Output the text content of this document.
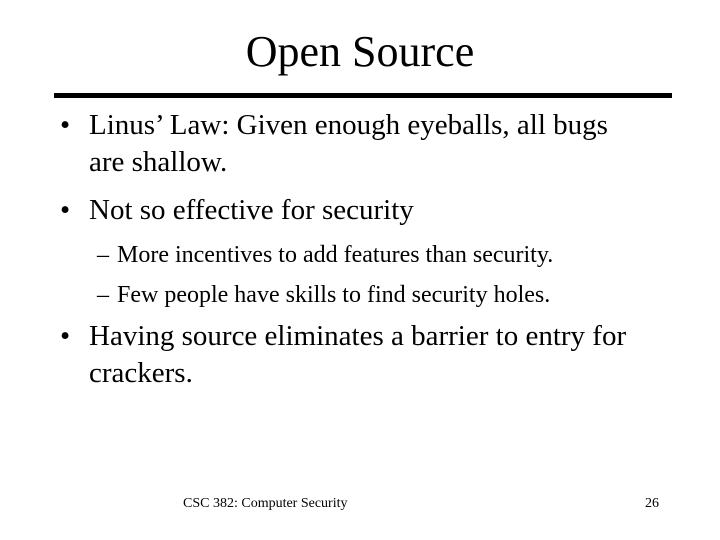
Open Source
• Linus’ Law: Given enough eyeballs, all bugs are shallow.
• Not so effective for security
– More incentives to add features than security.
– Few people have skills to find security holes.
• Having source eliminates a barrier to entry for crackers.
CSC 382: Computer Security	26
